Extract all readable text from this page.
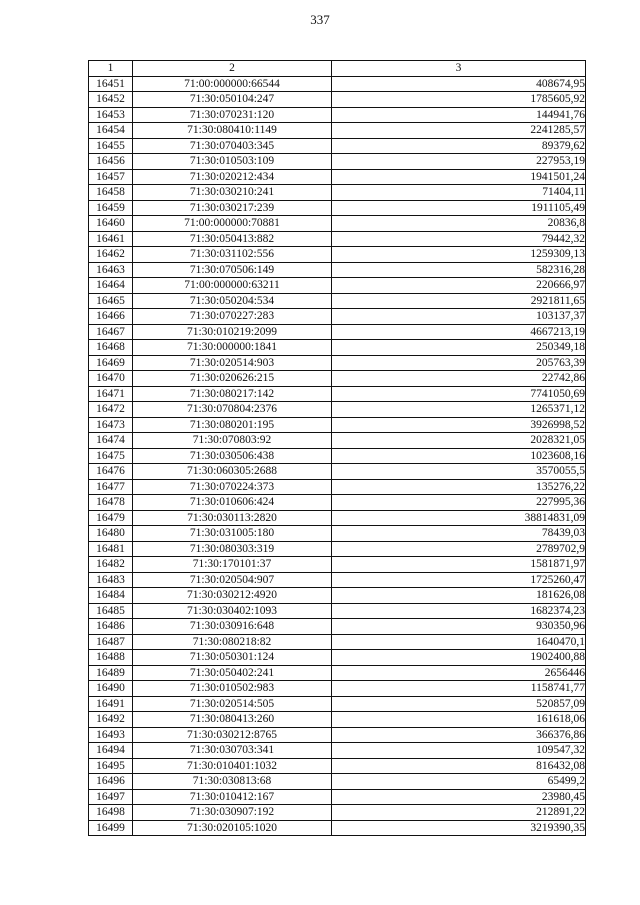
337
1	2	3
16451	71:00:000000:66544	408674,95
16452	71:30:050104:247	1785605,92
16453	71:30:070231:120	144941,76
16454	71:30:080410:1149	2241285,57
16455	71:30:070403:345	89379,62
16456	71:30:010503:109	227953,19
16457	71:30:020212:434	1941501,24
16458	71:30:030210:241	71404,11
16459	71:30:030217:239	1911105,49
16460	71:00:000000:70881	20836,8
16461	71:30:050413:882	79442,32
16462	71:30:031102:556	1259309,13
16463	71:30:070506:149	582316,28
16464	71:00:000000:63211	220666,97
16465	71:30:050204:534	2921811,65
16466	71:30:070227:283	103137,37
16467	71:30:010219:2099	4667213,19
16468	71:30:000000:1841	250349,18
16469	71:30:020514:903	205763,39
16470	71:30:020626:215	22742,86
16471	71:30:080217:142	7741050,69
16472	71:30:070804:2376	1265371,12
16473	71:30:080201:195	3926998,52
16474	71:30:070803:92	2028321,05
16475	71:30:030506:438	1023608,16
16476	71:30:060305:2688	3570055,5
16477	71:30:070224:373	135276,22
16478	71:30:010606:424	227995,36
16479	71:30:030113:2820	38814831,09
16480	71:30:031005:180	78439,03
16481	71:30:080303:319	2789702,9
16482	71:30:170101:37	1581871,97
16483	71:30:020504:907	1725260,47
16484	71:30:030212:4920	181626,08
16485	71:30:030402:1093	1682374,23
16486	71:30:030916:648	930350,96
16487	71:30:080218:82	1640470,1
16488	71:30:050301:124	1902400,88
16489	71:30:050402:241	2656446
16490	71:30:010502:983	1158741,77
16491	71:30:020514:505	520857,09
16492	71:30:080413:260	161618,06
16493	71:30:030212:8765	366376,86
16494	71:30:030703:341	109547,32
16495	71:30:010401:1032	816432,08
16496	71:30:030813:68	65499,2
16497	71:30:010412:167	23980,45
16498	71:30:030907:192	212891,22
16499	71:30:020105:1020	3219390,35
